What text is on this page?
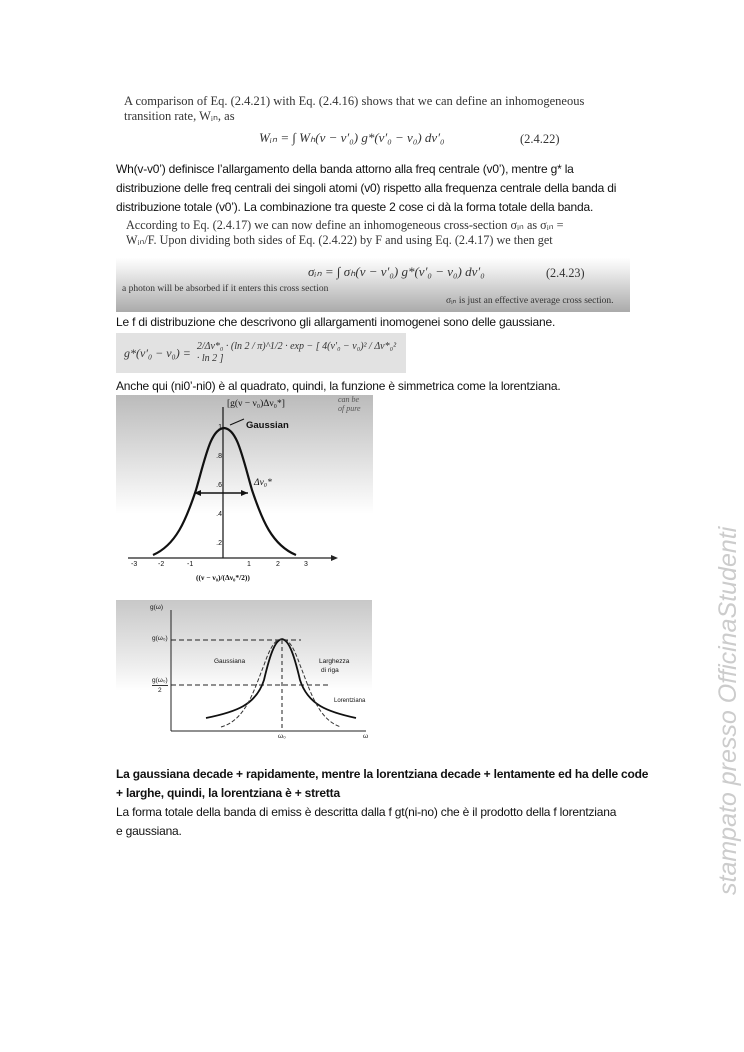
A comparison of Eq. (2.4.21) with Eq. (2.4.16) shows that we can define an inhomogeneous
transition rate, Wᵢₙ, as
Wᵢₙ = ∫ Wₕ(ν − ν′₀) g*(ν′₀ − ν₀) dν′₀	(2.4.22)
Wh(v-v0’) definisce l’allargamento della banda attorno alla freq centrale (v0’), mentre g* la
distribuzione delle freq centrali dei singoli atomi (v0) rispetto alla frequenza centrale della banda di
distribuzione totale (v0’). La combinazione tra queste 2 cose ci dà la forma totale della banda.
According to Eq. (2.4.17) we can now define an inhomogeneous cross-section σᵢₙ as σᵢₙ =
Wᵢₙ/F. Upon dividing both sides of Eq. (2.4.22) by F and using Eq. (2.4.17) we then get
σᵢₙ = ∫ σₕ(ν − ν′₀) g*(ν′₀ − ν₀) dν′₀	(2.4.23)
a photon will be absorbed if it enters this cross section
σᵢₙ is just an effective average cross section.
Le f di distribuzione che descrivono gli allargamenti inomogenei sono delle gaussiane.
g*(ν′₀ − ν₀) = 2/Δν*₀ · (ln 2 / π)^1/2 · exp − [ 4(ν′₀ − ν₀)² / Δν*₀² · ln 2 ]
Anche qui (ni0’-ni0) è al quadrato, quindi, la funzione è simmetrica come la lorentziana.
[g(ν − ν₀)Δν₀*]
Gaussian
Δν₀*
can be
of pure
1
.8
.6
.4
.2
-3	-2	-1	1	2	3
((ν − ν₀)/(Δν₀*/2))
g(ω)
g(ω₀)
g(ω₀)
2
Gaussiana	Larghezza
di riga
Lorentziana
ω₀	ω
La gaussiana decade + rapidamente, mentre la lorentziana decade + lentamente ed ha delle code
+ larghe, quindi, la lorentziana è + stretta
La forma totale della banda di emiss è descritta dalla f gt(ni-no) che è il prodotto della f lorentziana
e gaussiana.	stampato presso OfficinaStudenti
